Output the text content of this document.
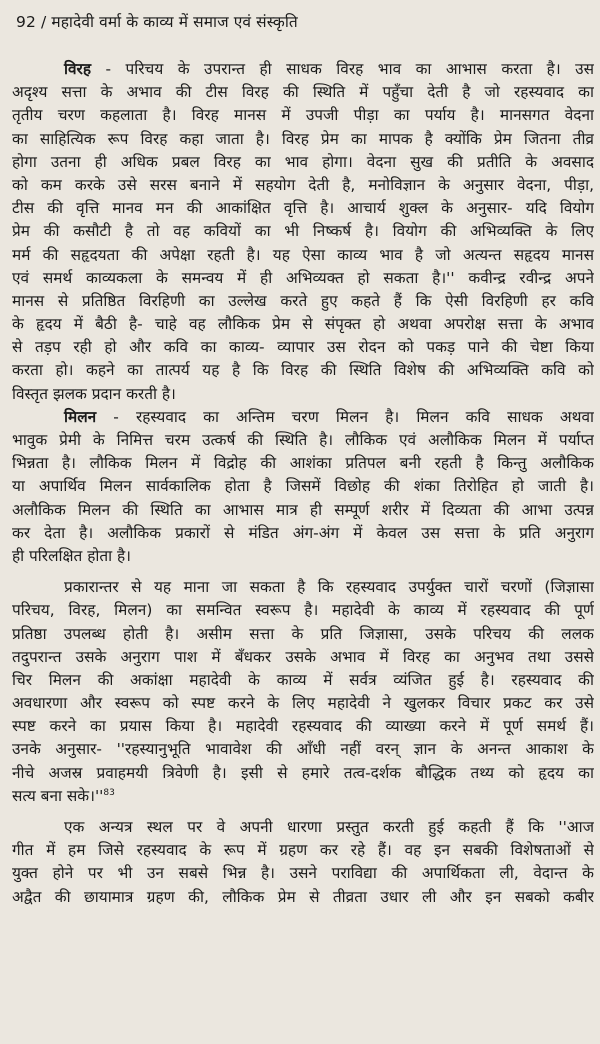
92 / महादेवी वर्मा के काव्य में समाज एवं संस्कृति
विरह - परिचय के उपरान्त ही साधक विरह भाव का आभास करता है। उस
अदृश्य सत्ता के अभाव की टीस विरह की स्थिति में पहुँचा देती है जो रहस्यवाद का
तृतीय चरण कहलाता है। विरह मानस में उपजी पीड़ा का पर्याय है। मानसगत वेदना
का साहित्यिक रूप विरह कहा जाता है। विरह प्रेम का मापक है क्योंकि प्रेम जितना तीव्र
होगा उतना ही अधिक प्रबल विरह का भाव होगा। वेदना सुख की प्रतीति के अवसाद
को कम करके उसे सरस बनाने में सहयोग देती है, मनोविज्ञान के अनुसार वेदना, पीड़ा,
टीस की वृत्ति मानव मन की आकांक्षित वृत्ति है। आचार्य शुक्ल के अनुसार- यदि वियोग
प्रेम की कसौटी है तो वह कवियों का भी निष्कर्ष है। वियोग की अभिव्यक्ति के लिए
मर्म की सहृदयता की अपेक्षा रहती है। यह ऐसा काव्य भाव है जो अत्यन्त सहृदय मानस
एवं समर्थ काव्यकला के समन्वय में ही अभिव्यक्त हो सकता है।'' कवीन्द्र रवीन्द्र अपने
मानस से प्रतिष्ठित विरहिणी का उल्लेख करते हुए कहते हैं कि ऐसी विरहिणी हर कवि
के हृदय में बैठी है- चाहे वह लौकिक प्रेम से संपृक्त हो अथवा अपरोक्ष सत्ता के अभाव
से तड़प रही हो और कवि का काव्य- व्यापार उस रोदन को पकड़ पाने की चेष्टा किया
करता हो। कहने का तात्पर्य यह है कि विरह की स्थिति विशेष की अभिव्यक्ति कवि को
विस्तृत झलक प्रदान करती है।
मिलन - रहस्यवाद का अन्तिम चरण मिलन है। मिलन कवि साधक अथवा
भावुक प्रेमी के निमित्त चरम उत्कर्ष की स्थिति है। लौकिक एवं अलौकिक मिलन में पर्याप्त
भिन्नता है। लौकिक मिलन में विद्रोह की आशंका प्रतिपल बनी रहती है किन्तु अलौकिक
या अपार्थिव मिलन सार्वकालिक होता है जिसमें विछोह की शंका तिरोहित हो जाती है।
अलौकिक मिलन की स्थिति का आभास मात्र ही सम्पूर्ण शरीर में दिव्यता की आभा उत्पन्न
कर देता है। अलौकिक प्रकारों से मंडित अंग-अंग में केवल उस सत्ता के प्रति अनुराग
ही परिलक्षित होता है।
प्रकारान्तर से यह माना जा सकता है कि रहस्यवाद उपर्युक्त चारों चरणों (जिज्ञासा
परिचय, विरह, मिलन) का समन्वित स्वरूप है। महादेवी के काव्य में रहस्यवाद की पूर्ण
प्रतिष्ठा उपलब्ध होती है। असीम सत्ता के प्रति जिज्ञासा, उसके परिचय की ललक
तदुपरान्त उसके अनुराग पाश में बँधकर उसके अभाव में विरह का अनुभव तथा उससे
चिर मिलन की अकांक्षा महादेवी के काव्य में सर्वत्र व्यंजित हुई है। रहस्यवाद की
अवधारणा और स्वरूप को स्पष्ट करने के लिए महादेवी ने खुलकर विचार प्रकट कर उसे
स्पष्ट करने का प्रयास किया है। महादेवी रहस्यवाद की व्याख्या करने में पूर्ण समर्थ हैं।
उनके अनुसार- ''रहस्यानुभूति भावावेश की आँधी नहीं वरन् ज्ञान के अनन्त आकाश के
नीचे अजस्र प्रवाहमयी त्रिवेणी है। इसी से हमारे तत्व-दर्शक बौद्धिक तथ्य को हृदय का
सत्य बना $सके।''^{83}$
एक अन्यत्र स्थल पर वे अपनी धारणा प्रस्तुत करती हुई कहती हैं कि ''आज
गीत में हम जिसे रहस्यवाद के रूप में ग्रहण कर रहे हैं। वह इन सबकी विशेषताओं से
युक्त होने पर भी उन सबसे भिन्न है। उसने पराविद्या की अपार्थिकता ली, वेदान्त के
अद्वैत की छायामात्र ग्रहण की, लौकिक प्रेम से तीव्रता उधार ली और इन सबको कबीर
